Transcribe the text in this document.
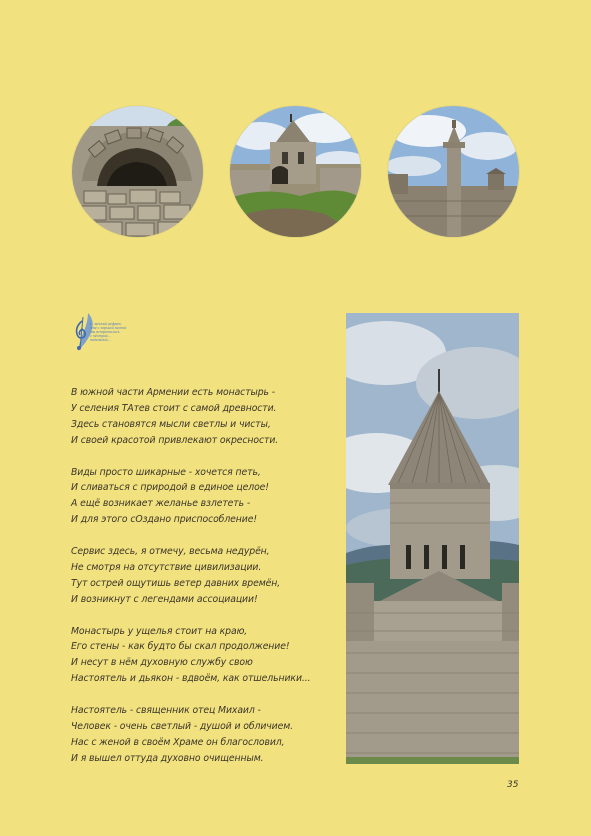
О, вечный рефрен,
мне с горькой песней
мы встретились
с пёстрой...
надеждой...
В южной части Армении есть монастырь -
У селения ТАтев стоит с самой древности.
Здесь становятся мысли светлы и чисты,
И своей красотой привлекают окресности.
Виды просто шикарные - хочется петь,
И сливаться с природой в единое целое!
А ещё возникает желанье взлететь -
И для этого сОздано приспособление!
Сервис здесь, я отмечу, весьма недурён,
Не смотря на отсутствие цивилизации.
Тут острей ощутишь ветер давних времён,
И возникнут с легендами ассоциации!
Монастырь у ущелья стоит на краю,
Его стены - как будто бы скал продолжение!
И несут в нём духовную службу свою
Настоятель и дьякон - вдвоём, как отшельники...
Настоятель - священник отец Михаил -
Человек - очень светлый - душой и обличием.
Нас с женой в своём Храме он благословил,
И я вышел оттуда духовно очищенным.
35
